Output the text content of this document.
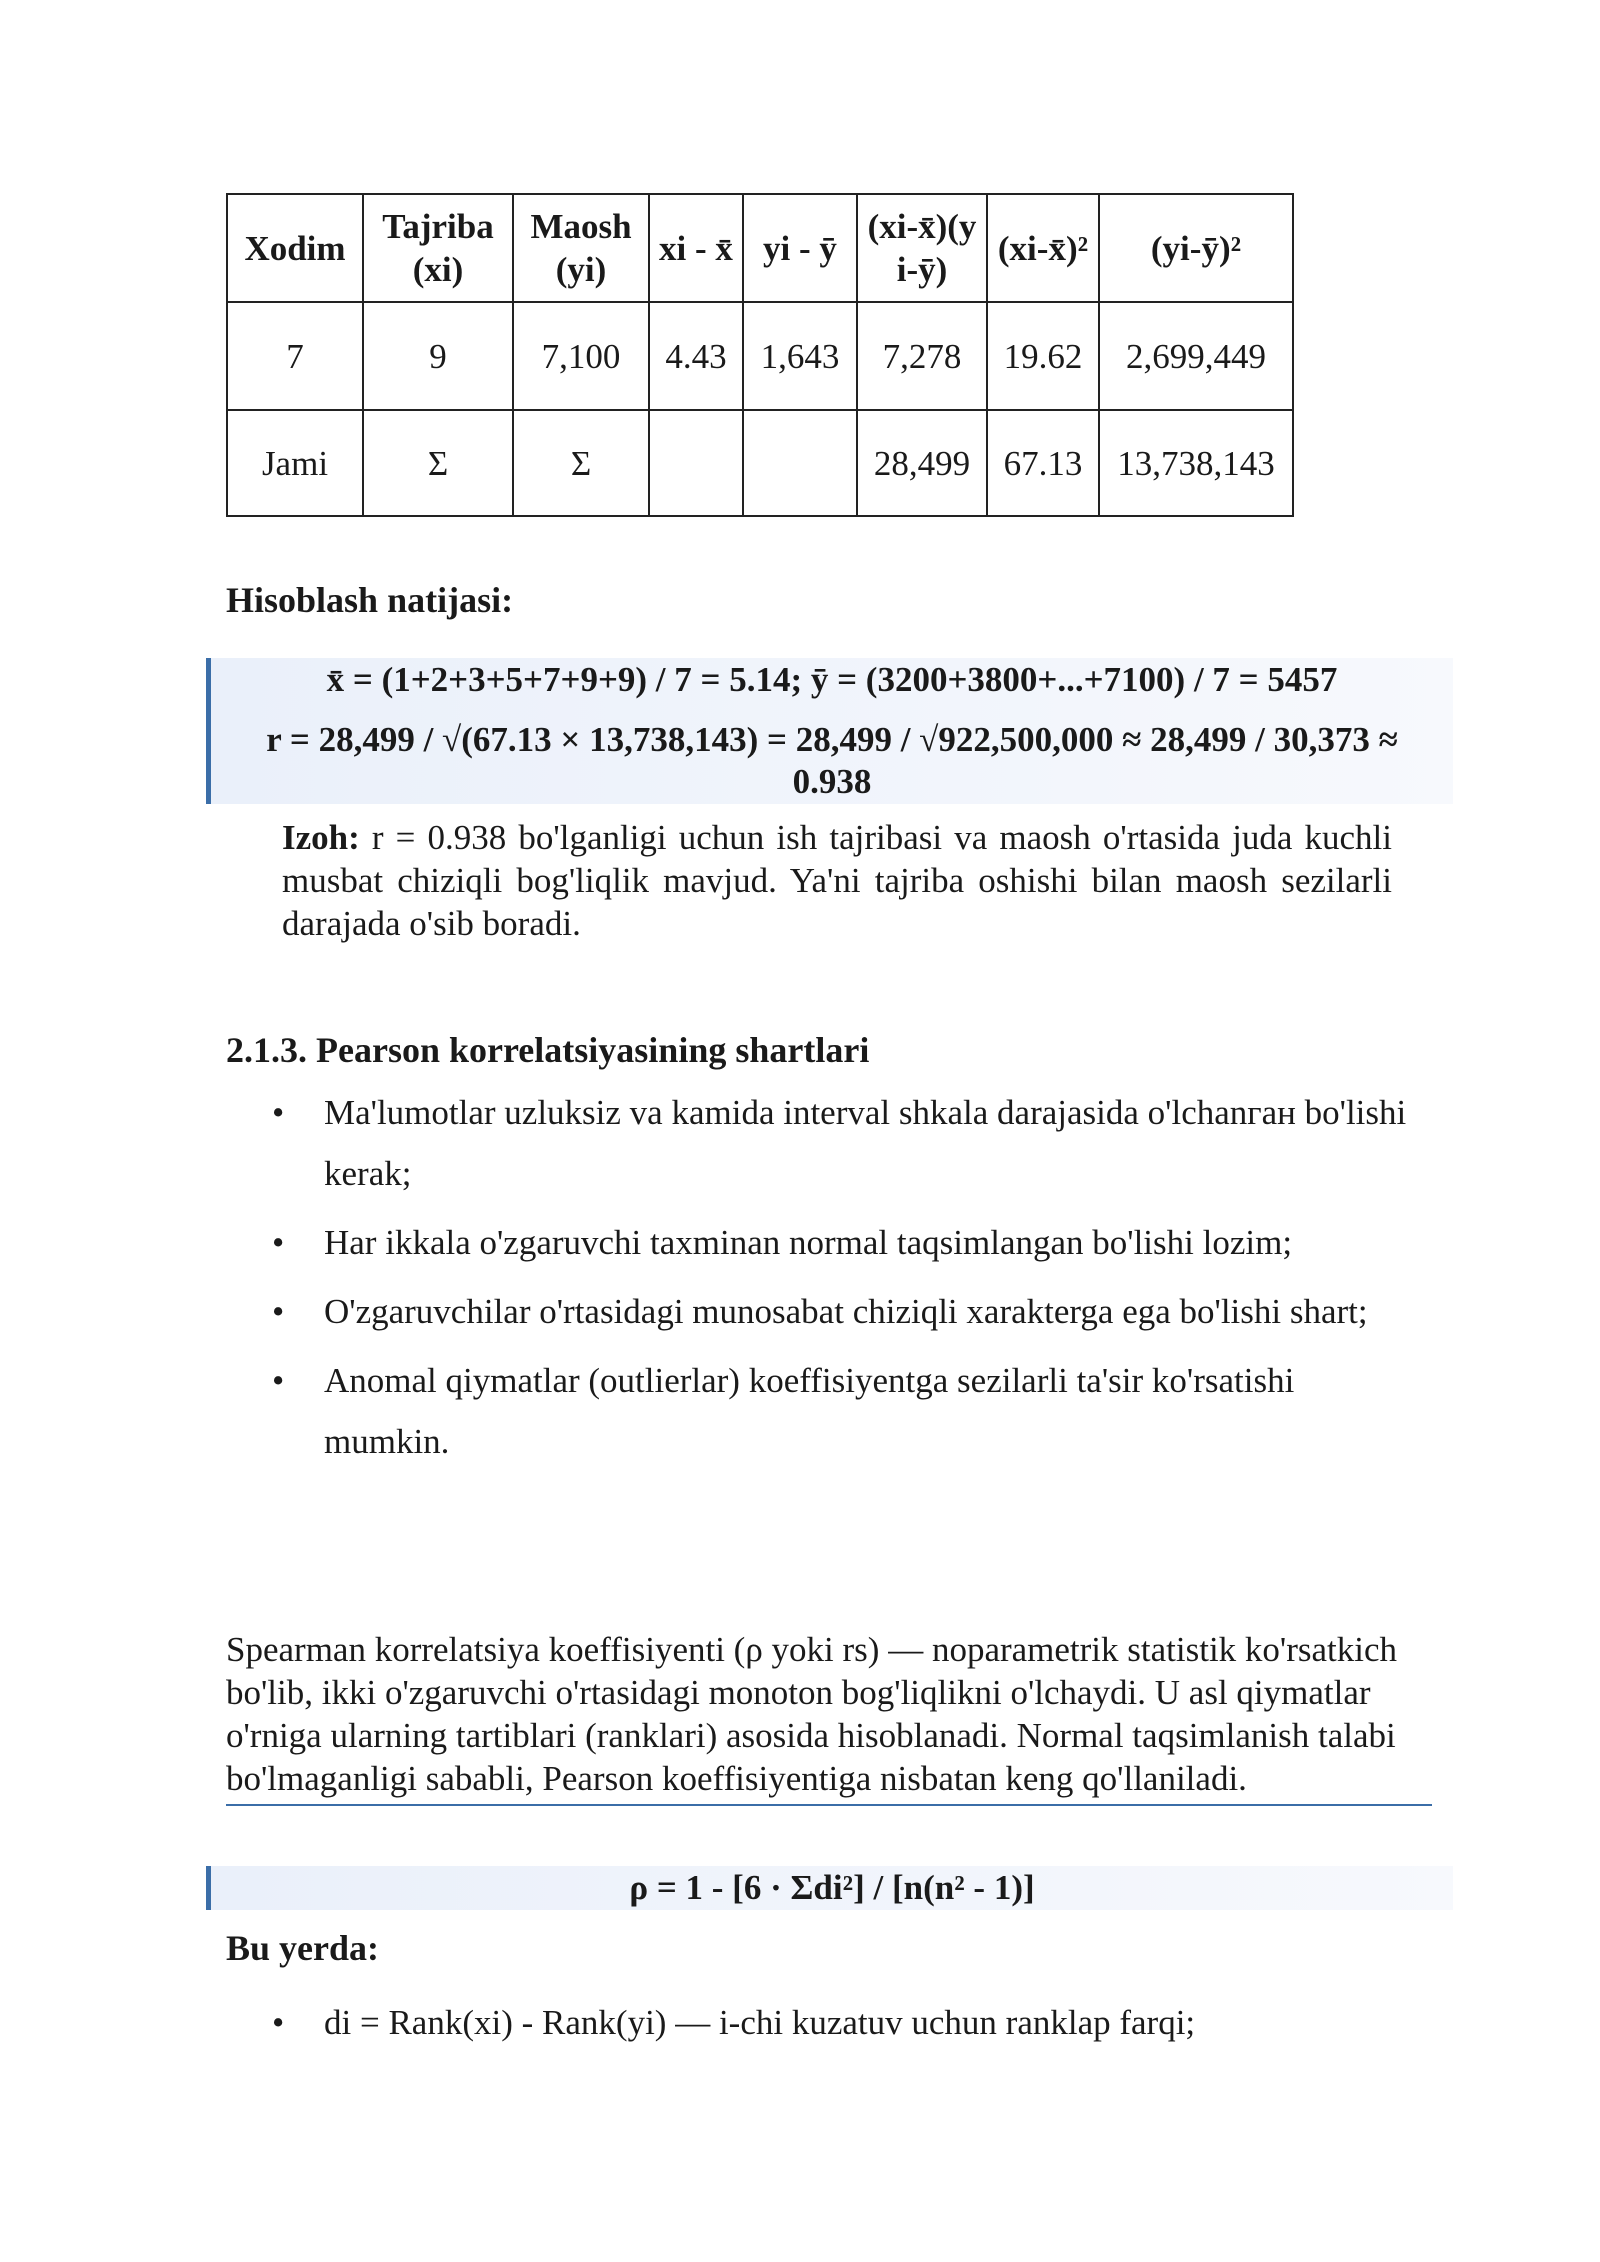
Xodim	Tajriba (xi)	Maosh (yi)	xi - x̄	yi - ȳ	(xi-x̄)(yi-ȳ)	(xi-x̄)²	(yi-ȳ)²
7	9	7,100	4.43	1,643	7,278	19.62	2,699,449
Jami	Σ	Σ			28,499	67.13	13,738,143
Hisoblash natijasi:
x̄ = (1+2+3+5+7+9+9) / 7 = 5.14; ȳ = (3200+3800+...+7100) / 7 = 5457
r = 28,499 / √(67.13 × 13,738,143) = 28,499 / √922,500,000 ≈ 28,499 / 30,373 ≈
0.938
Izoh: r = 0.938 bo'lganligi uchun ish tajribasi va maosh o'rtasida juda kuchli musbat chiziqli bog'liqlik mavjud. Ya'ni tajriba oshishi bilan maosh sezilarli darajada o'sib boradi.
2.1.3. Pearson korrelatsiyasining shartlari
• Ma'lumotlar uzluksiz va kamida interval shkala darajasida o'lchanган bo'lishi kerak;
• Har ikkala o'zgaruvchi taxminan normal taqsimlangan bo'lishi lozim;
• O'zgaruvchilar o'rtasidagi munosabat chiziqli xarakterga ega bo'lishi shart;
• Anomal qiymatlar (outlierlar) koeffisiyentga sezilarli ta'sir ko'rsatishi mumkin.
Spearman korrelatsiya koeffisiyenti (ρ yoki rs) — noparametrik statistik ko'rsatkich bo'lib, ikki o'zgaruvchi o'rtasidagi monoton bog'liqlikni o'lchaydi. U asl qiymatlar o'rniga ularning tartiblari (ranklari) asosida hisoblanadi. Normal taqsimlanish talabi bo'lmaganligi sababli, Pearson koeffisiyentiga nisbatan keng qo'llaniladi.
ρ = 1 - [6 · Σdi²] / [n(n² - 1)]
Bu yerda:
• di = Rank(xi) - Rank(yi) — i-chi kuzatuv uchun ranklap farqi;
